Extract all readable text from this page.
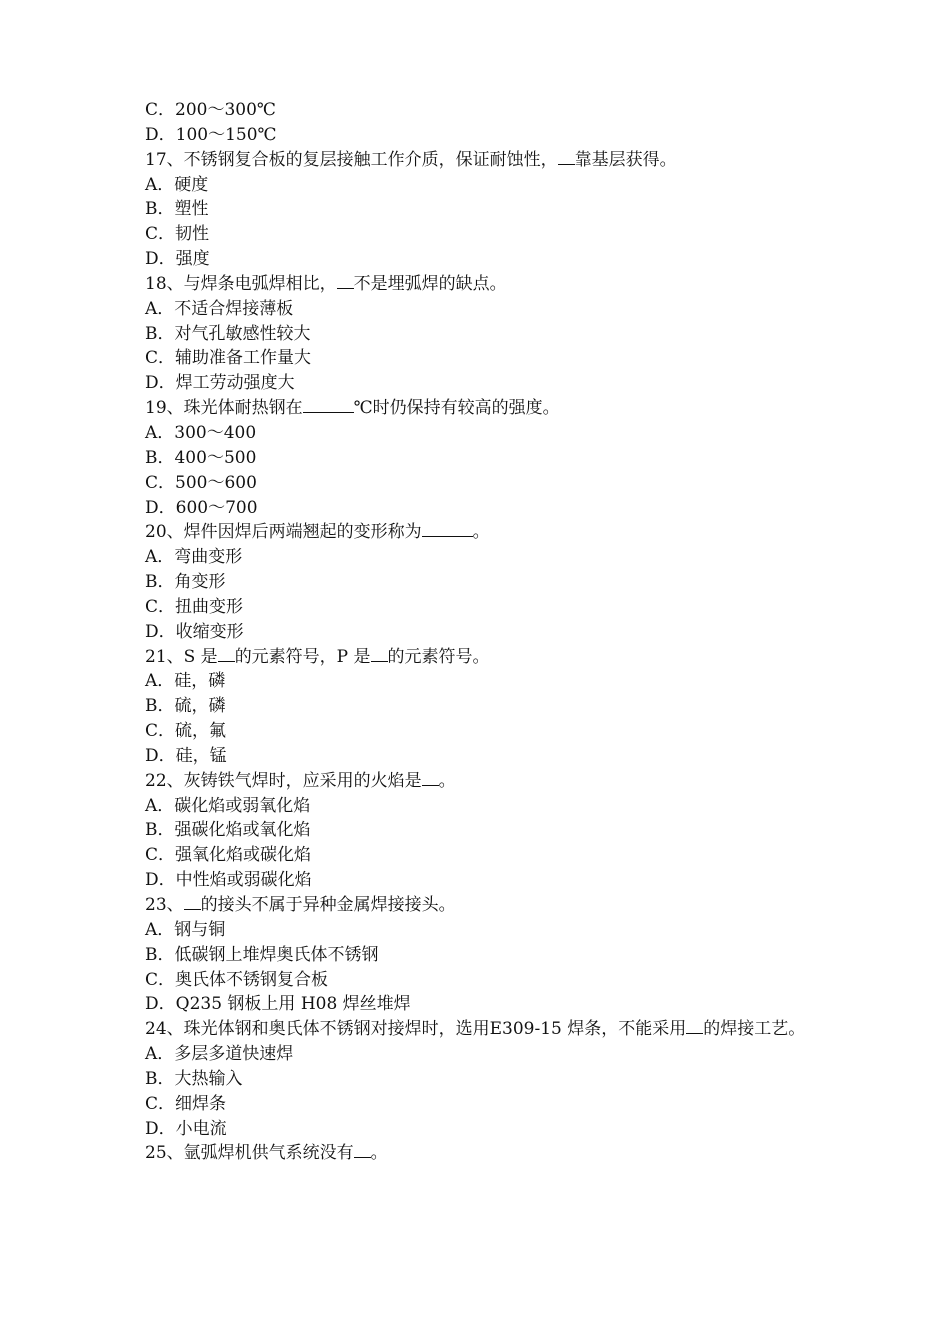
C．200～300℃
D．100～150℃
17、不锈钢复合板的复层接触工作介质，保证耐蚀性， 靠基层获得。
A．硬度
B．塑性
C．韧性
D．强度
18、与焊条电弧焊相比， 不是埋弧焊的缺点。
A．不适合焊接薄板
B．对气孔敏感性较大
C．辅助准备工作量大
D．焊工劳动强度大
19、珠光体耐热钢在	℃时仍保持有较高的强度。
A．300～400
B．400～500
C．500～600
D．600～700
20、焊件因焊后两端翘起的变形称为	。
A．弯曲变形
B．角变形
C．扭曲变形
D．收缩变形
21、S 是 的元素符号，P 是 的元素符号。
A．硅，磷
B．硫，磷
C．硫，氟
D．硅，锰
22、灰铸铁气焊时，应采用的火焰是 。
A．碳化焰或弱氧化焰
B．强碳化焰或氧化焰
C．强氧化焰或碳化焰
D．中性焰或弱碳化焰
23、 的接头不属于异种金属焊接接头。
A．钢与铜
B．低碳钢上堆焊奥氏体不锈钢
C．奥氏体不锈钢复合板
D．Q235 钢板上用 H08 焊丝堆焊
24、珠光体钢和奥氏体不锈钢对接焊时，选用E309-15 焊条，不能采用 的焊接工艺。
A．多层多道快速焊
B．大热输入
C．细焊条
D．小电流
25、氩弧焊机供气系统没有 。
